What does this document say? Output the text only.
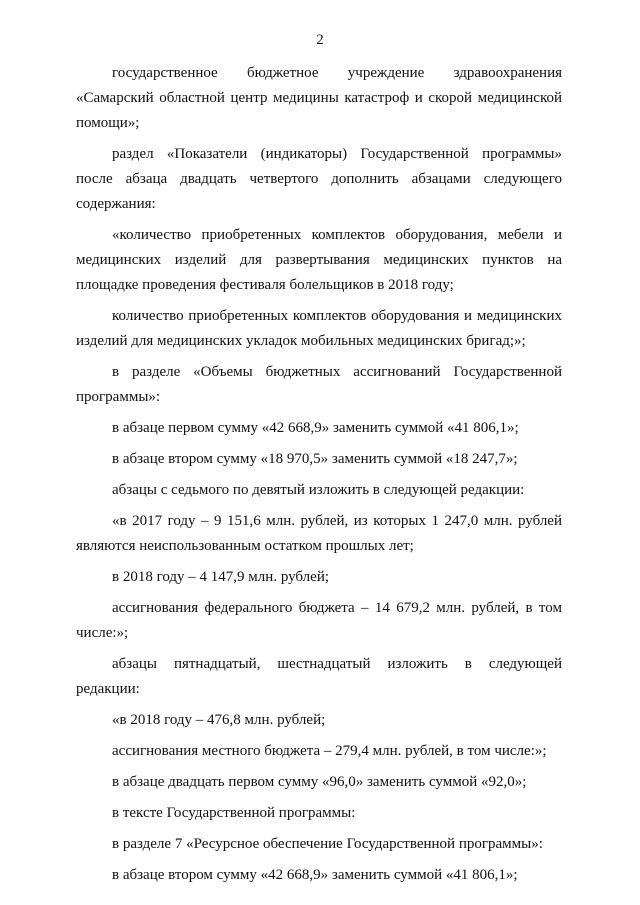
2

государственное бюджетное учреждение здравоохранения «Самарский областной центр медицины катастроф и скорой медицинской помощи»;

раздел «Показатели (индикаторы) Государственной программы» после абзаца двадцать четвертого дополнить абзацами следующего содержания:

«количество приобретенных комплектов оборудования, мебели и медицинских изделий для развертывания медицинских пунктов на площадке проведения фестиваля болельщиков в 2018 году;

количество приобретенных комплектов оборудования и медицинских изделий для медицинских укладок мобильных медицинских бригад;»;

в разделе «Объемы бюджетных ассигнований Государственной программы»:

в абзаце первом сумму «42 668,9» заменить суммой «41 806,1»;

в абзаце втором сумму «18 970,5» заменить суммой «18 247,7»;

абзацы с седьмого по девятый изложить в следующей редакции:

«в 2017 году – 9 151,6 млн. рублей, из которых 1 247,0 млн. рублей являются неиспользованным остатком прошлых лет;

в 2018 году – 4 147,9 млн. рублей;

ассигнования федерального бюджета – 14 679,2 млн. рублей, в том числе:»;

абзацы пятнадцатый, шестнадцатый изложить в следующей редакции:

«в 2018 году – 476,8 млн. рублей;

ассигнования местного бюджета – 279,4 млн. рублей, в том числе:»;

в абзаце двадцать первом сумму «96,0» заменить суммой «92,0»;

в тексте Государственной программы:

в разделе 7 «Ресурсное обеспечение Государственной программы»:

в абзаце втором сумму «42 668,9» заменить суммой «41 806,1»;
